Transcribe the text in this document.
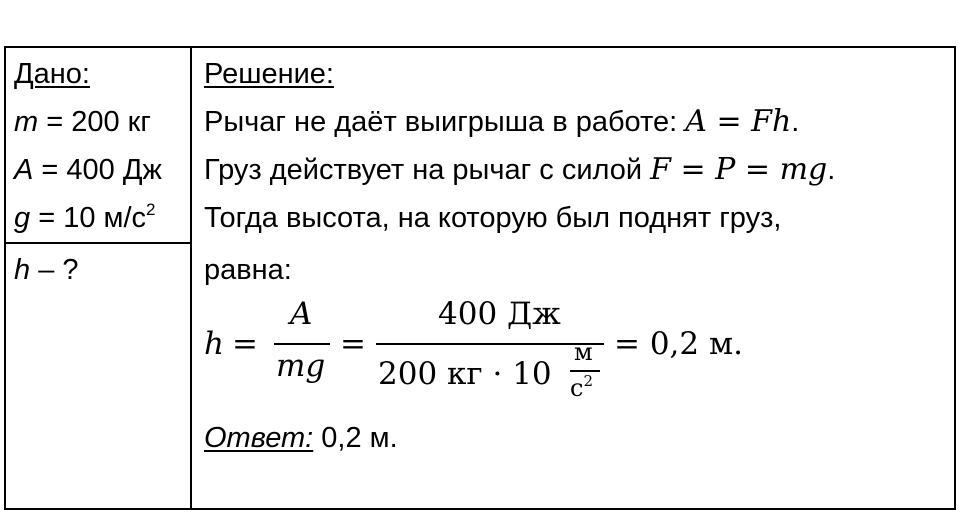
Дано:
m = 200 кг
A = 400 Дж
g = 10 $м/с^2$
h – ?
Решение:
Рычаг не даёт выигрыша в работе: A = Fh.
Груз действует на рычаг с силой F = P = mg.
Тогда высота, на которую был поднят груз,
равна:
h =
A
mg
=
400 Дж
200 кг · 10
м
$с^2$
= 0,2 м.
Ответ: 0,2 м.
